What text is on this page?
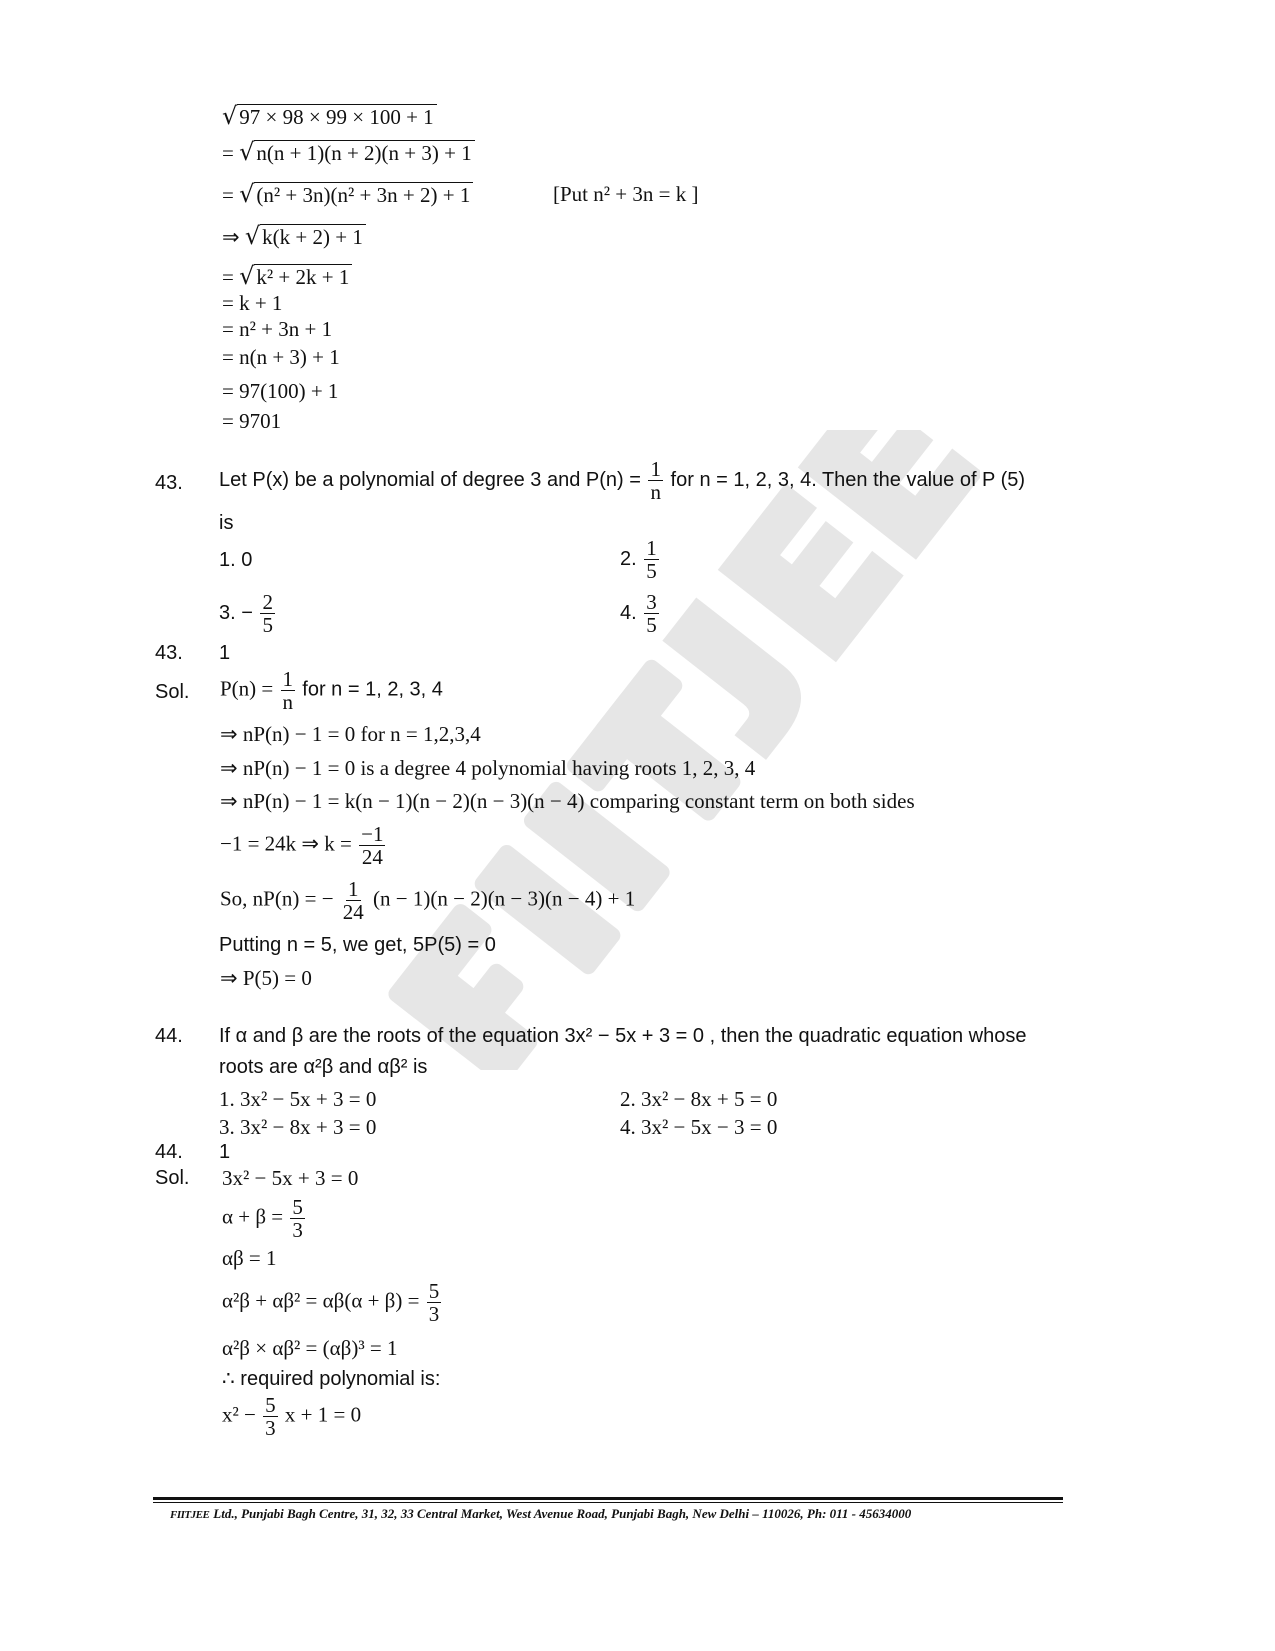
√97 × 98 × 99 × 100 + 1
= √n(n + 1)(n + 2)(n + 3) + 1
= √(n² + 3n)(n² + 3n + 2) + 1	[Put n² + 3n = k ]
⇒ √k(k + 2) + 1
= √k² + 2k + 1
= k + 1
= n² + 3n + 1
= n(n + 3) + 1
= 97(100) + 1
= 9701
43. Let P(x) be a polynomial of degree 3 and $P(n) = \frac{1}{n}$ for n = 1, 2, 3, 4. Then the value of P (5)
is
1. 0	2. $\frac{1}{5}$
3. − $\frac{2}{5}$	4. $\frac{3}{5}$
43. 1
Sol. $P(n) = \frac{1}{n}$ for n = 1, 2, 3, 4
⇒ nP(n) − 1 = 0 for n = 1,2,3,4
⇒ nP(n) − 1 = 0 is a degree 4 polynomial having roots 1, 2, 3, 4
⇒ nP(n) − 1 = k(n − 1)(n − 2)(n − 3)(n − 4) comparing constant term on both sides
−1 = 24k ⇒ $k = \frac{-1}{24}$
So, nP(n) = − $\frac{1}{24} (n - 1)(n - 2)(n - 3)(n - 4) + 1$
Putting n = 5, we get, 5P(5) = 0
⇒ P(5) = 0
44. If α and β are the roots of the equation 3x² − 5x + 3 = 0 , then the quadratic equation whose
roots are α²β and αβ² is
1. 3x² − 5x + 3 = 0	2. 3x² − 8x + 5 = 0
3. 3x² − 8x + 3 = 0	4. 3x² − 5x − 3 = 0
44. 1
Sol. 3x² − 5x + 3 = 0
$\alpha + \beta = \frac{5}{3}$
αβ = 1
$\alpha^2\beta + \alpha\beta^2 = \alpha\beta(\alpha + \beta) = \frac{5}{3}$
α²β × αβ² = (αβ)³ = 1
∴ required polynomial is:
$x^2 - \frac{5}{3}$ x + 1 = 0
FIITJEE Ltd., Punjabi Bagh Centre, 31, 32, 33 Central Market, West Avenue Road, Punjabi Bagh, New Delhi – 110026, Ph: 011 - 45634000
